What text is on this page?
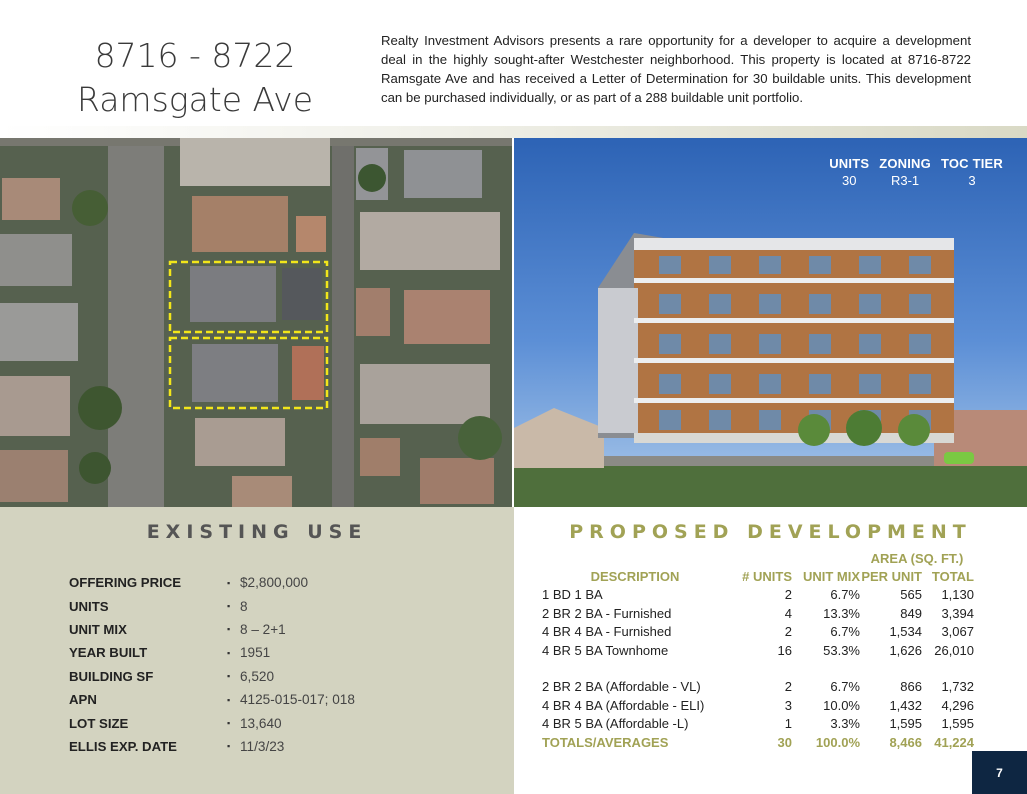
8716 - 8722
Ramsgate Ave
Realty Investment Advisors presents a rare opportunity for a developer to acquire a development deal in the highly sought-after Westchester neighborhood. This property is located at 8716-8722 Ramsgate Ave and has received a Letter of Determination for 30 buildable units. This development can be purchased individually, or as part of a 288 buildable unit portfolio.
UNITS
30
ZONING
R3-1
TOC TIER
3
EXISTING USE
OFFERING PRICE	▪ $2,800,000
UNITS	▪ 8
UNIT MIX	▪ 8 – 2+1
YEAR BUILT	▪ 1951
BUILDING SF	▪ 6,520
APN	▪ 4125-015-017; 018
LOT SIZE	▪ 13,640
ELLIS EXP. DATE	▪ 11/3/23
PROPOSED DEVELOPMENT
			AREA (SQ. FT.)	
DESCRIPTION	# UNITS	UNIT MIX	PER UNIT	TOTAL
1 BD 1 BA	2	6.7%	565	1,130
2 BR 2 BA - Furnished	4	13.3%	849	3,394
4 BR 4 BA - Furnished	2	6.7%	1,534	3,067
4 BR 5 BA Townhome	16	53.3%	1,626	26,010

2 BR 2 BA (Affordable - VL)	2	6.7%	866	1,732
4 BR 4 BA (Affordable - ELI)	3	10.0%	1,432	4,296
4 BR 5 BA (Affordable -L)	1	3.3%	1,595	1,595
TOTALS/AVERAGES	30	100.0%	8,466	41,224
7
